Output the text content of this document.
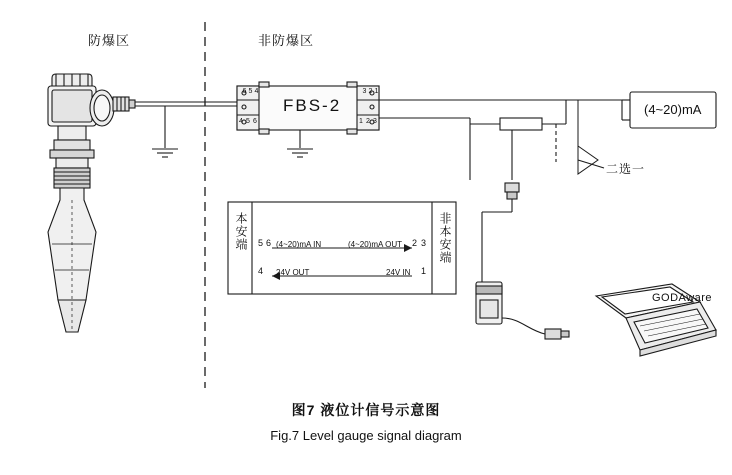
防爆区	非防爆区
FBS-2
6 5 4
4 5 6
3 2 1
1 2 3
(4~20)mA
二选一
本安端	非本安端
(4~20)mA IN	(4~20)mA OUT
24V OUT	24V IN
5 6
4
2 3
1
GODAware
图7 液位计信号示意图
Fig.7 Level gauge signal diagram
